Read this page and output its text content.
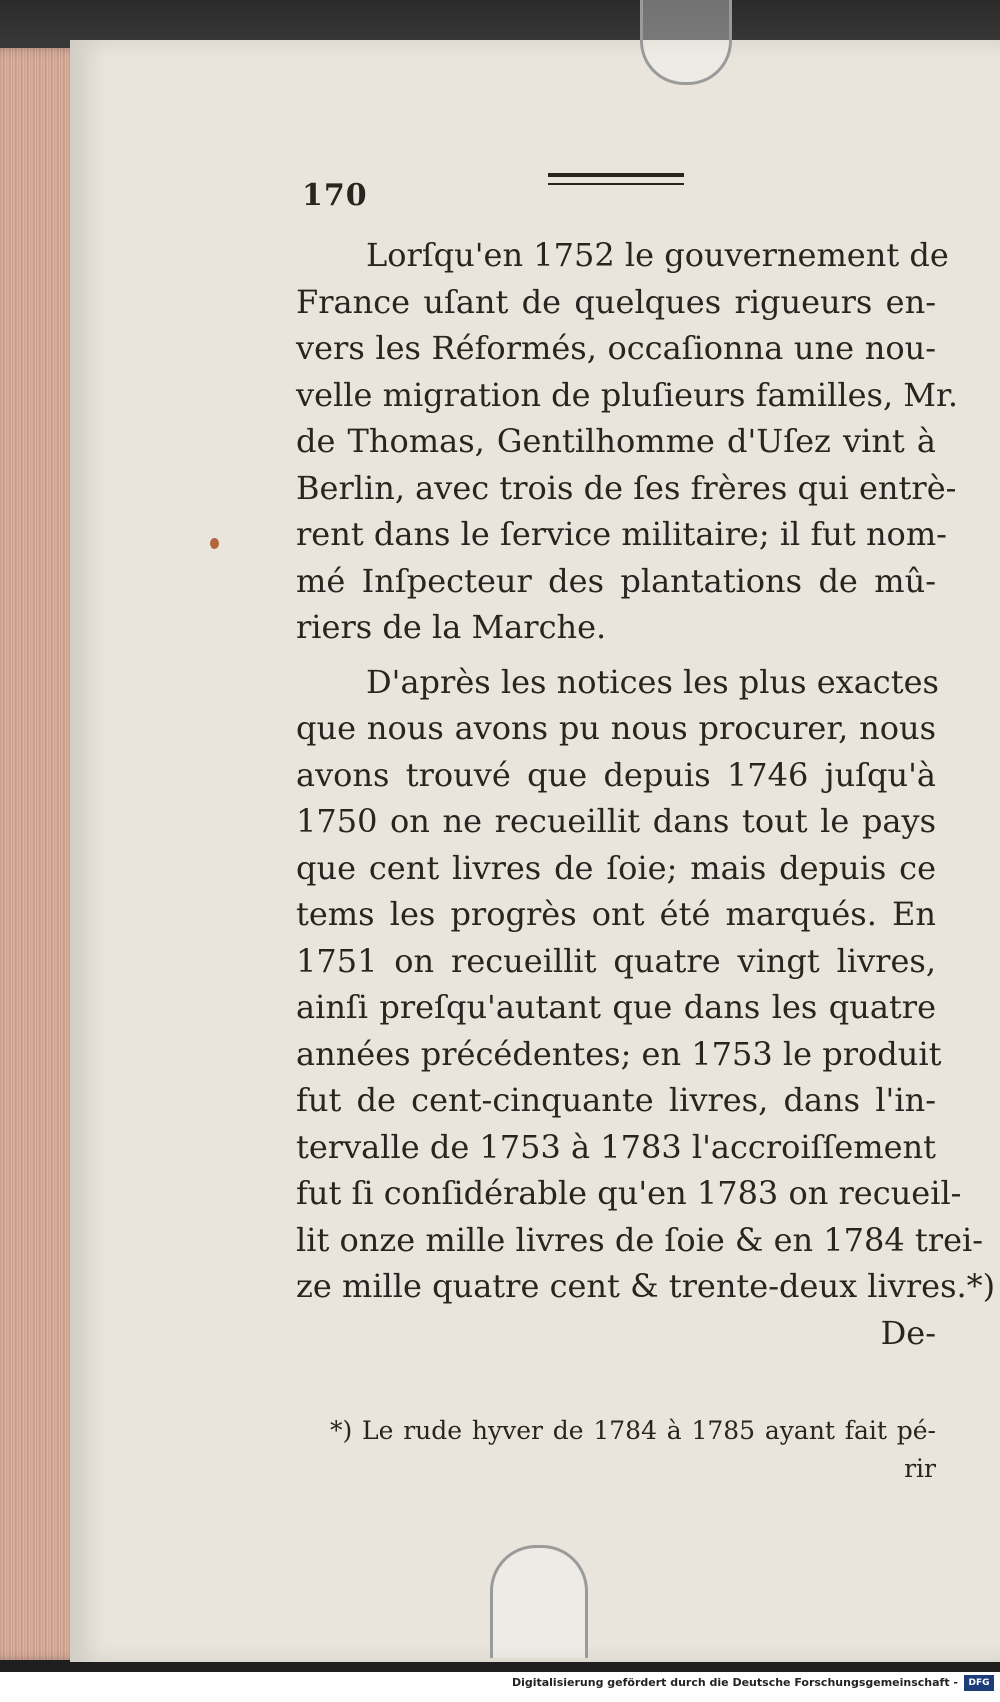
170
Lorſqu'en 1752 le gouvernement de
France uſant de quelques rigueurs en-
vers les Réformés, occaſionna une nou-
velle migration de pluſieurs familles, Mr.
de Thomas, Gentilhomme d'Uſez vint à
Berlin, avec trois de ſes frères qui entrè-
rent dans le ſervice militaire; il fut nom-
mé Inſpecteur des plantations de mû-
riers de la Marche.
D'après les notices les plus exactes
que nous avons pu nous procurer, nous
avons trouvé que depuis 1746 juſqu'à
1750 on ne recueillit dans tout le pays
que cent livres de ſoie; mais depuis ce
tems les progrès ont été marqués. En
1751 on recueillit quatre vingt livres,
ainſi preſqu'autant que dans les quatre
années précédentes; en 1753 le produit
fut de cent-cinquante livres, dans l'in-
tervalle de 1753 à 1783 l'accroiſſement
fut ſi conſidérable qu'en 1783 on recueil-
lit onze mille livres de ſoie & en 1784 trei-
ze mille quatre cent & trente-deux livres.*)
De-
*) Le rude hyver de 1784 à 1785 ayant fait pé-
rir
Digitalisierung gefördert durch die Deutsche Forschungsgemeinschaft -	DFG
